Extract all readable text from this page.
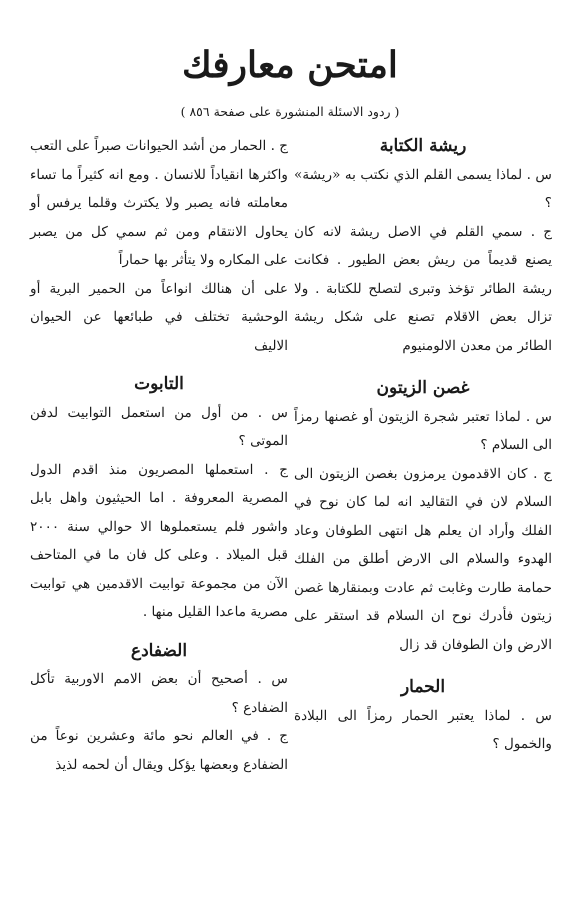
امتحن معارفك
( ردود الاسئلة المنشورة على صفحة ٨٥٦ )

ريشة الكتابة

س . لماذا يسمى القلم الذي نكتب به «ريشة» ؟

ج . سمي القلم في الاصل ريشة لانه كان يصنع قديماً من ريش بعض الطيور . فكانت ريشة الطائر تؤخذ وتبرى لتصلح للكتابة . ولا تزال بعض الاقلام تصنع على شكل ريشة الطائر من معدن الالومنيوم

غصن الزيتون

س . لماذا تعتبر شجرة الزيتون أو غصنها رمزاً الى السلام ؟

ج . كان الاقدمون يرمزون بغصن الزيتون الى السلام لان في التقاليد انه لما كان نوح في الفلك وأراد ان يعلم هل انتهى الطوفان وعاد الهدوء والسلام الى الارض أطلق من الفلك حمامة طارت وغابت ثم عادت وبمنقارها غصن زيتون فأدرك نوح ان السلام قد استقر على الارض وان الطوفان قد زال

الحمار

س . لماذا يعتبر الحمار رمزاً الى البلادة والخمول ؟

ج . الحمار من أشد الحيوانات صبراً على التعب واكثرها انقياداً للانسان . ومع انه كثيراً ما تساء معاملته فانه يصبر ولا يكترث وقلما يرفس أو يحاول الانتقام ومن ثم سمي كل من يصبر على المكاره ولا يتأثر بها حماراً

على أن هنالك انواعاً من الحمير البرية أو الوحشية تختلف في طبائعها عن الحيوان الاليف

التابوت

س . من أول من استعمل التوابيت لدفن الموتى ؟

ج . استعملها المصريون منذ اقدم الدول المصرية المعروفة . اما الحيثيون واهل بابل واشور فلم يستعملوها الا حوالي سنة ٢٠٠٠ قبل الميلاد . وعلى كل فان ما في المتاحف الآن من مجموعة توابيت الاقدمين هي توابيت مصرية ماعدا القليل منها .

الضفادع

س . أصحيح أن بعض الامم الاوربية تأكل الضفادع ؟

ج . في العالم نحو مائة وعشرين نوعاً من الضفادع وبعضها يؤكل ويقال أن لحمه لذيذ
